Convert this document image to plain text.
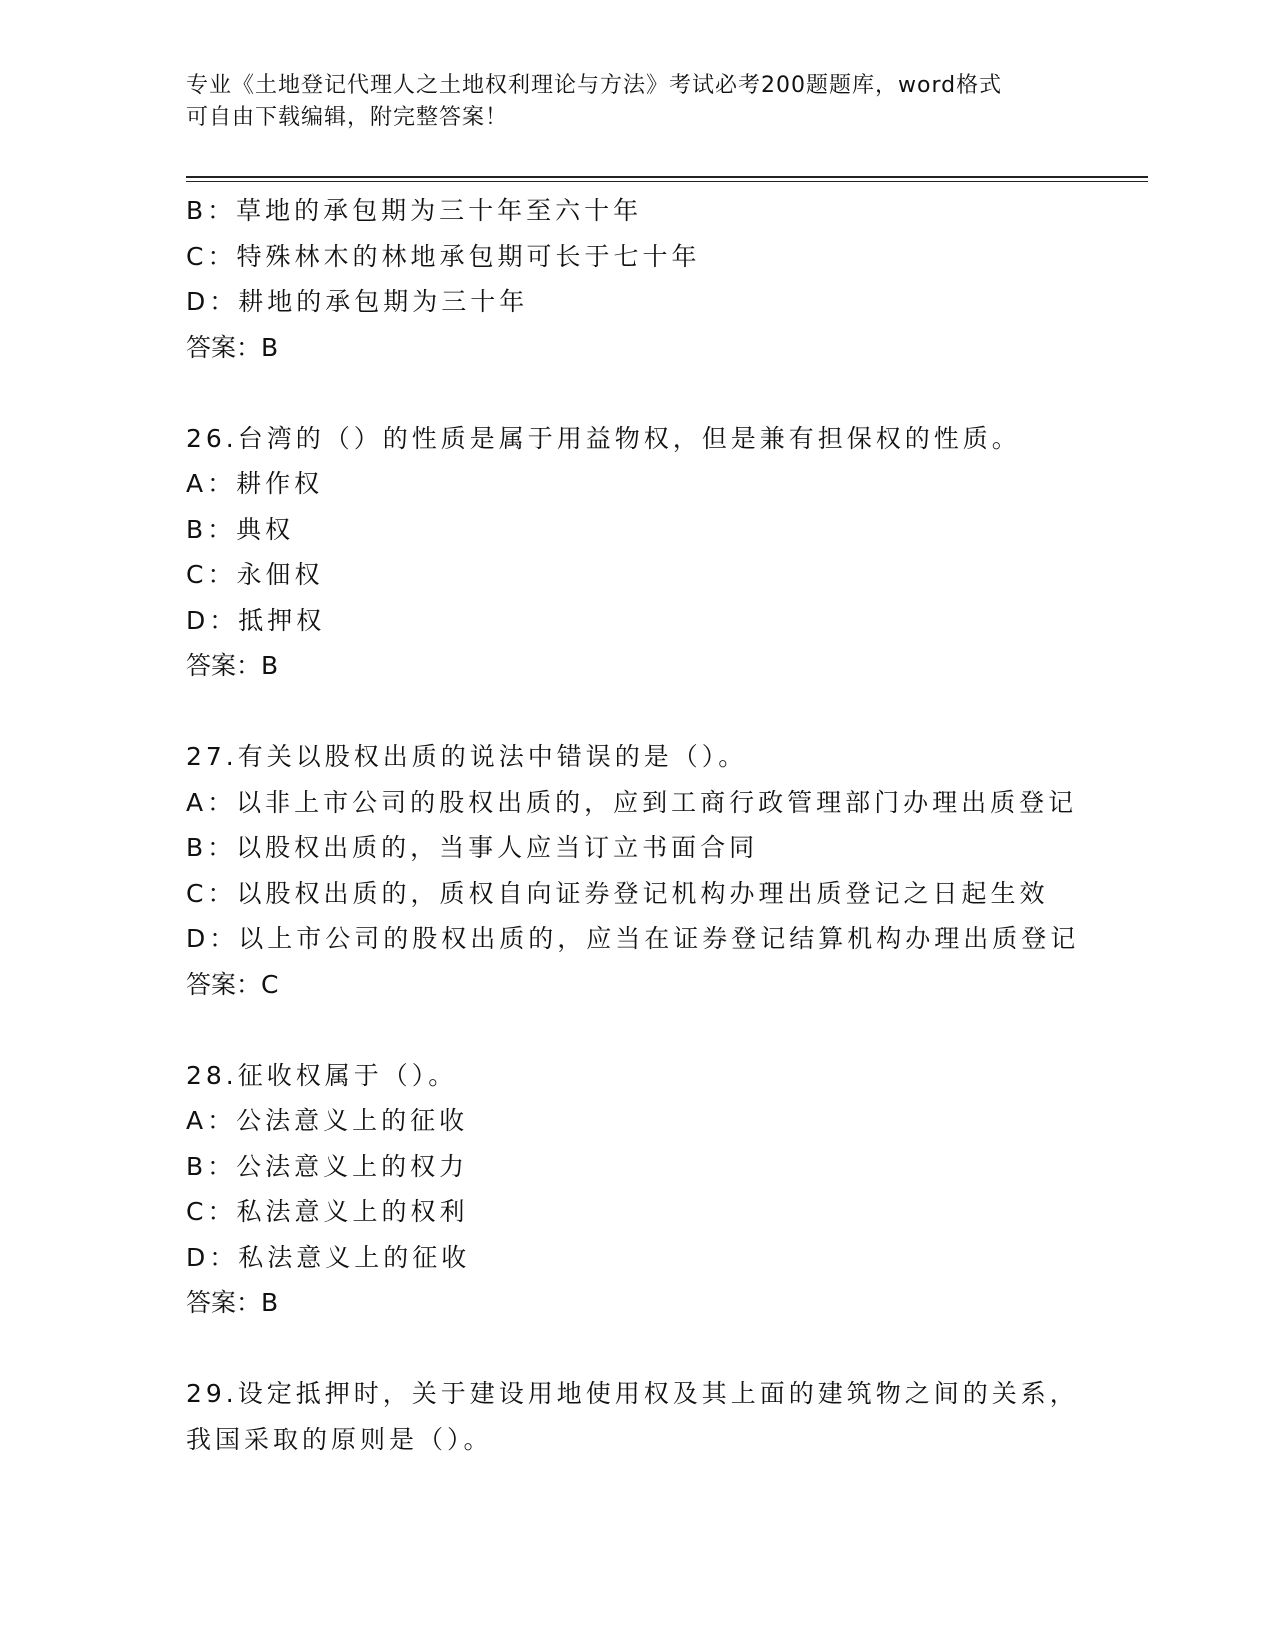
专业《土地登记代理人之土地权利理论与方法》考试必考200题题库，word格式
可自由下载编辑，附完整答案！
B：草地的承包期为三十年至六十年
C：特殊林木的林地承包期可长于七十年
D：耕地的承包期为三十年
答案：B
26.台湾的（）的性质是属于用益物权，但是兼有担保权的性质。
A：耕作权
B：典权
C：永佃权
D：抵押权
答案：B
27.有关以股权出质的说法中错误的是（）。
A：以非上市公司的股权出质的，应到工商行政管理部门办理出质登记
B：以股权出质的，当事人应当订立书面合同
C：以股权出质的，质权自向证券登记机构办理出质登记之日起生效
D：以上市公司的股权出质的，应当在证券登记结算机构办理出质登记
答案：C
28.征收权属于（）。
A：公法意义上的征收
B：公法意义上的权力
C：私法意义上的权利
D：私法意义上的征收
答案：B
29.设定抵押时，关于建设用地使用权及其上面的建筑物之间的关系，
我国采取的原则是（）。
